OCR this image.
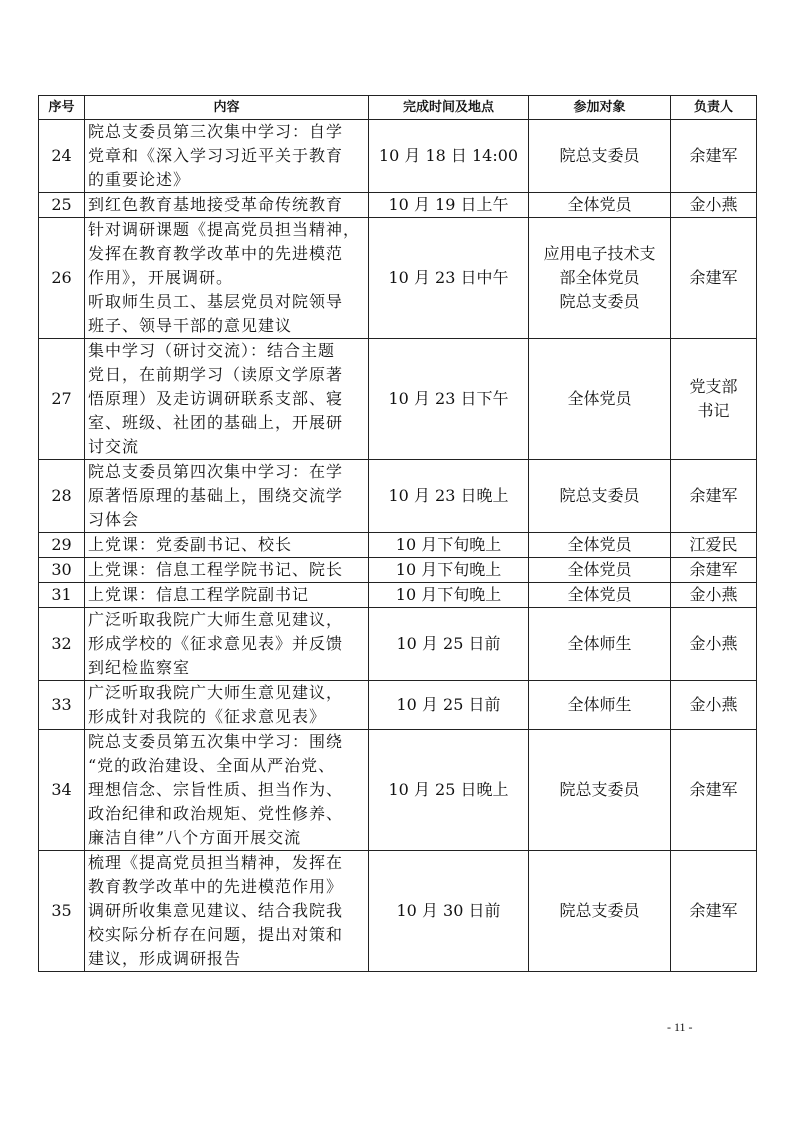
序号	内容	完成时间及地点	参加对象	负责人
24	院总支委员第三次集中学习：自学
党章和《深入学习习近平关于教育
的重要论述》	10 月 18 日 14:00	院总支委员	余建军

25	到红色教育基地接受革命传统教育	10 月 19 日上午	全体党员	金小燕

26	针对调研课题《提高党员担当精神，
发挥在教育教学改革中的先进模范
作用》，开展调研。
听取师生员工、基层党员对院领导
班子、领导干部的意见建议	10 月 23 日中午	应用电子技术支
部全体党员
院总支委员	余建军

27	集中学习（研讨交流）：结合主题
党日，在前期学习（读原文学原著
悟原理）及走访调研联系支部、寝
室、班级、社团的基础上，开展研
讨交流	10 月 23 日下午	全体党员	党支部
书记

28	院总支委员第四次集中学习：在学
原著悟原理的基础上，围绕交流学
习体会	10 月 23 日晚上	院总支委员	余建军

29	上党课：党委副书记、校长	10 月下旬晚上	全体党员	江爱民

30	上党课：信息工程学院书记、院长	10 月下旬晚上	全体党员	余建军

31	上党课：信息工程学院副书记	10 月下旬晚上	全体党员	金小燕

32	广泛听取我院广大师生意见建议，
形成学校的《征求意见表》并反馈
到纪检监察室	10 月 25 日前	全体师生	金小燕

33	广泛听取我院广大师生意见建议，
形成针对我院的《征求意见表》	10 月 25 日前	全体师生	金小燕

34	院总支委员第五次集中学习：围绕
“党的政治建设、全面从严治党、
理想信念、宗旨性质、担当作为、
政治纪律和政治规矩、党性修养、
廉洁自律”八个方面开展交流	10 月 25 日晚上	院总支委员	余建军

35	梳理《提高党员担当精神，发挥在
教育教学改革中的先进模范作用》
调研所收集意见建议、结合我院我
校实际分析存在问题，提出对策和
建议，形成调研报告	10 月 30 日前	院总支委员	余建军
- 11 -
